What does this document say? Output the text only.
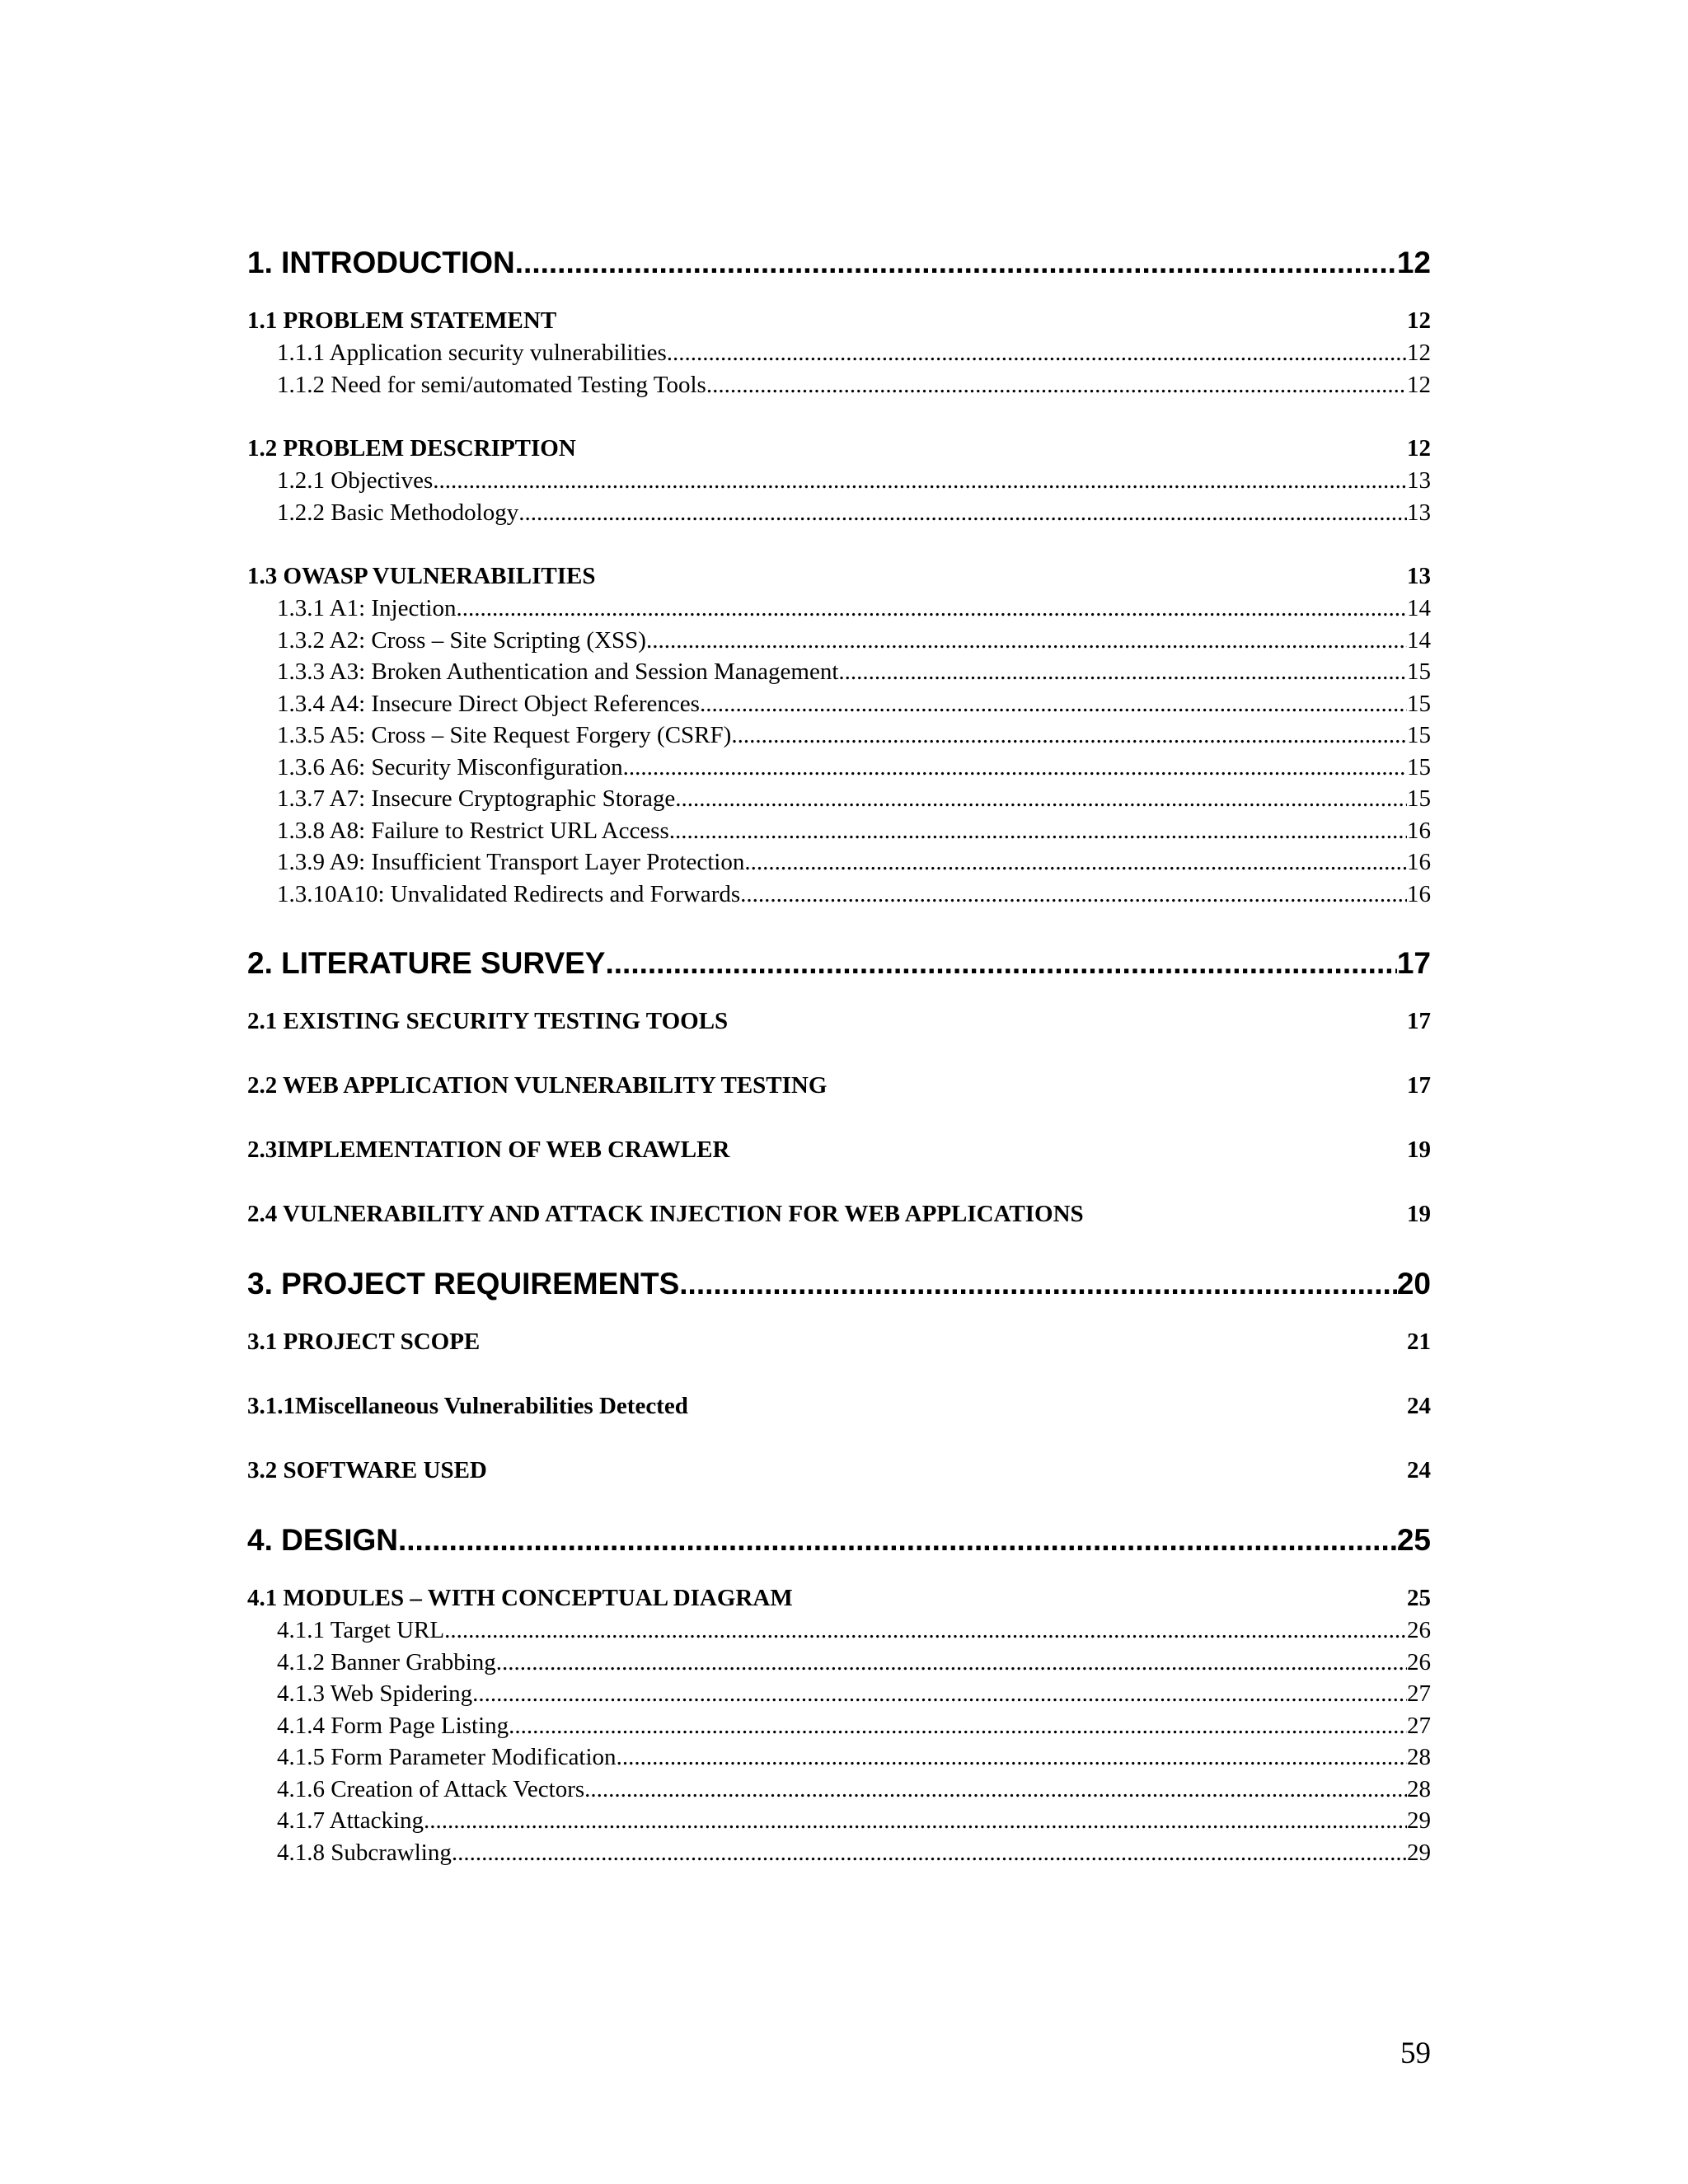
1. INTRODUCTION .....	12
1.1 PROBLEM STATEMENT	12
1.1.1 Application security vulnerabilities .....	12
1.1.2 Need for semi/automated Testing Tools .....	12
1.2 PROBLEM DESCRIPTION	12
1.2.1 Objectives .....	13
1.2.2 Basic Methodology .....	13
1.3 OWASP VULNERABILITIES	13
1.3.1 A1: Injection .....	14
1.3.2 A2: Cross – Site Scripting (XSS) .....	14
1.3.3 A3: Broken Authentication and Session Management .....	15
1.3.4 A4: Insecure Direct Object References .....	15
1.3.5 A5: Cross – Site Request Forgery (CSRF) .....	15
1.3.6 A6: Security Misconfiguration .....	15
1.3.7 A7: Insecure Cryptographic Storage .....	15
1.3.8 A8: Failure to Restrict URL Access .....	16
1.3.9 A9: Insufficient Transport Layer Protection .....	16
1.3.10A10: Unvalidated Redirects and Forwards .....	16
2. LITERATURE SURVEY .....	17
2.1 EXISTING SECURITY TESTING TOOLS	17
2.2 WEB APPLICATION VULNERABILITY TESTING	17
2.3IMPLEMENTATION OF WEB CRAWLER	19
2.4 VULNERABILITY AND ATTACK INJECTION FOR WEB APPLICATIONS	19
3. PROJECT REQUIREMENTS .....	20
3.1 PROJECT SCOPE	21
3.1.1Miscellaneous Vulnerabilities Detected	24
3.2 SOFTWARE USED	24
4. DESIGN .....	25
4.1 MODULES – WITH CONCEPTUAL DIAGRAM	25
4.1.1 Target URL .....	26
4.1.2 Banner Grabbing .....	26
4.1.3 Web Spidering .....	27
4.1.4 Form Page Listing .....	27
4.1.5 Form Parameter Modification .....	28
4.1.6 Creation of Attack Vectors .....	28
4.1.7 Attacking .....	29
4.1.8 Subcrawling .....	29
59
